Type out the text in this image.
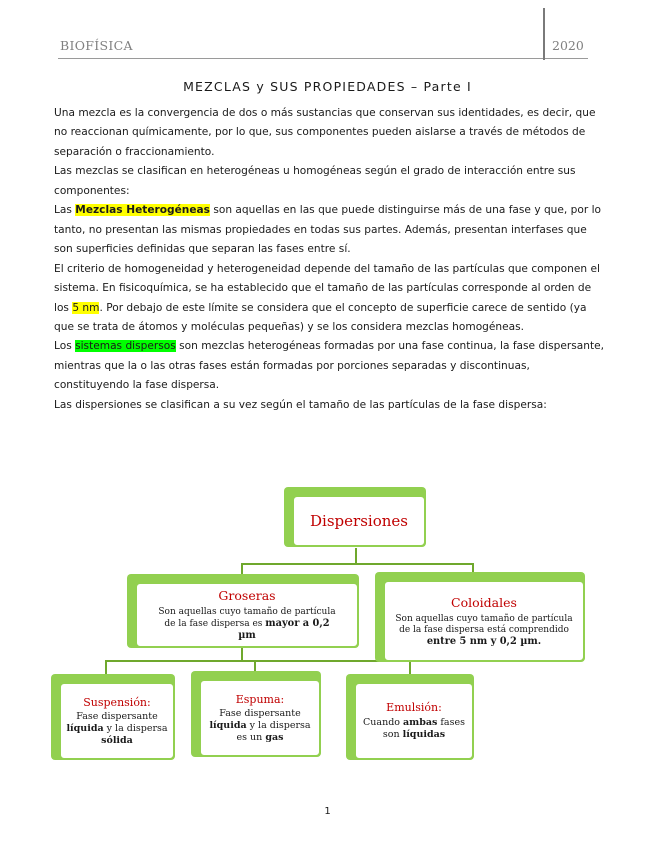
BIOFÍSICA	2020
MEZCLAS y SUS PROPIEDADES – Parte I

Una mezcla es la convergencia de dos o más sustancias que conservan sus identidades, es decir, que no reaccionan químicamente, por lo que, sus componentes pueden aislarse a través de métodos de separación o fraccionamiento.

Las mezclas se clasifican en heterogéneas u homogéneas según el grado de interacción entre sus componentes:

Las Mezclas Heterogéneas son aquellas en las que puede distinguirse más de una fase y que, por lo tanto, no presentan las mismas propiedades en todas sus partes. Además, presentan interfases que son superficies definidas que separan las fases entre sí.

El criterio de homogeneidad y heterogeneidad depende del tamaño de las partículas que componen el sistema. En fisicoquímica, se ha establecido que el tamaño de las partículas corresponde al orden de los 5 nm. Por debajo de este límite se considera que el concepto de superficie carece de sentido (ya que se trata de átomos y moléculas pequeñas) y se los considera mezclas homogéneas.

Los sistemas dispersos son mezclas heterogéneas formadas por una fase continua, la fase dispersante, mientras que la o las otras fases están formadas por porciones separadas y discontinuas, constituyendo la fase dispersa.

Las dispersiones se clasifican a su vez según el tamaño de las partículas de la fase dispersa:

Dispersiones
Groseras
Son aquellas cuyo tamaño de partícula de la fase dispersa es mayor a 0,2 µm
Coloidales
Son aquellas cuyo tamaño de partícula de la fase dispersa está comprendido entre 5 nm y 0,2 µm.
Suspensión:
Fase dispersante líquida y la dispersa sólida
Espuma:
Fase dispersante líquida y la dispersa es un gas
Emulsión:
Cuando ambas fases son líquidas
1
